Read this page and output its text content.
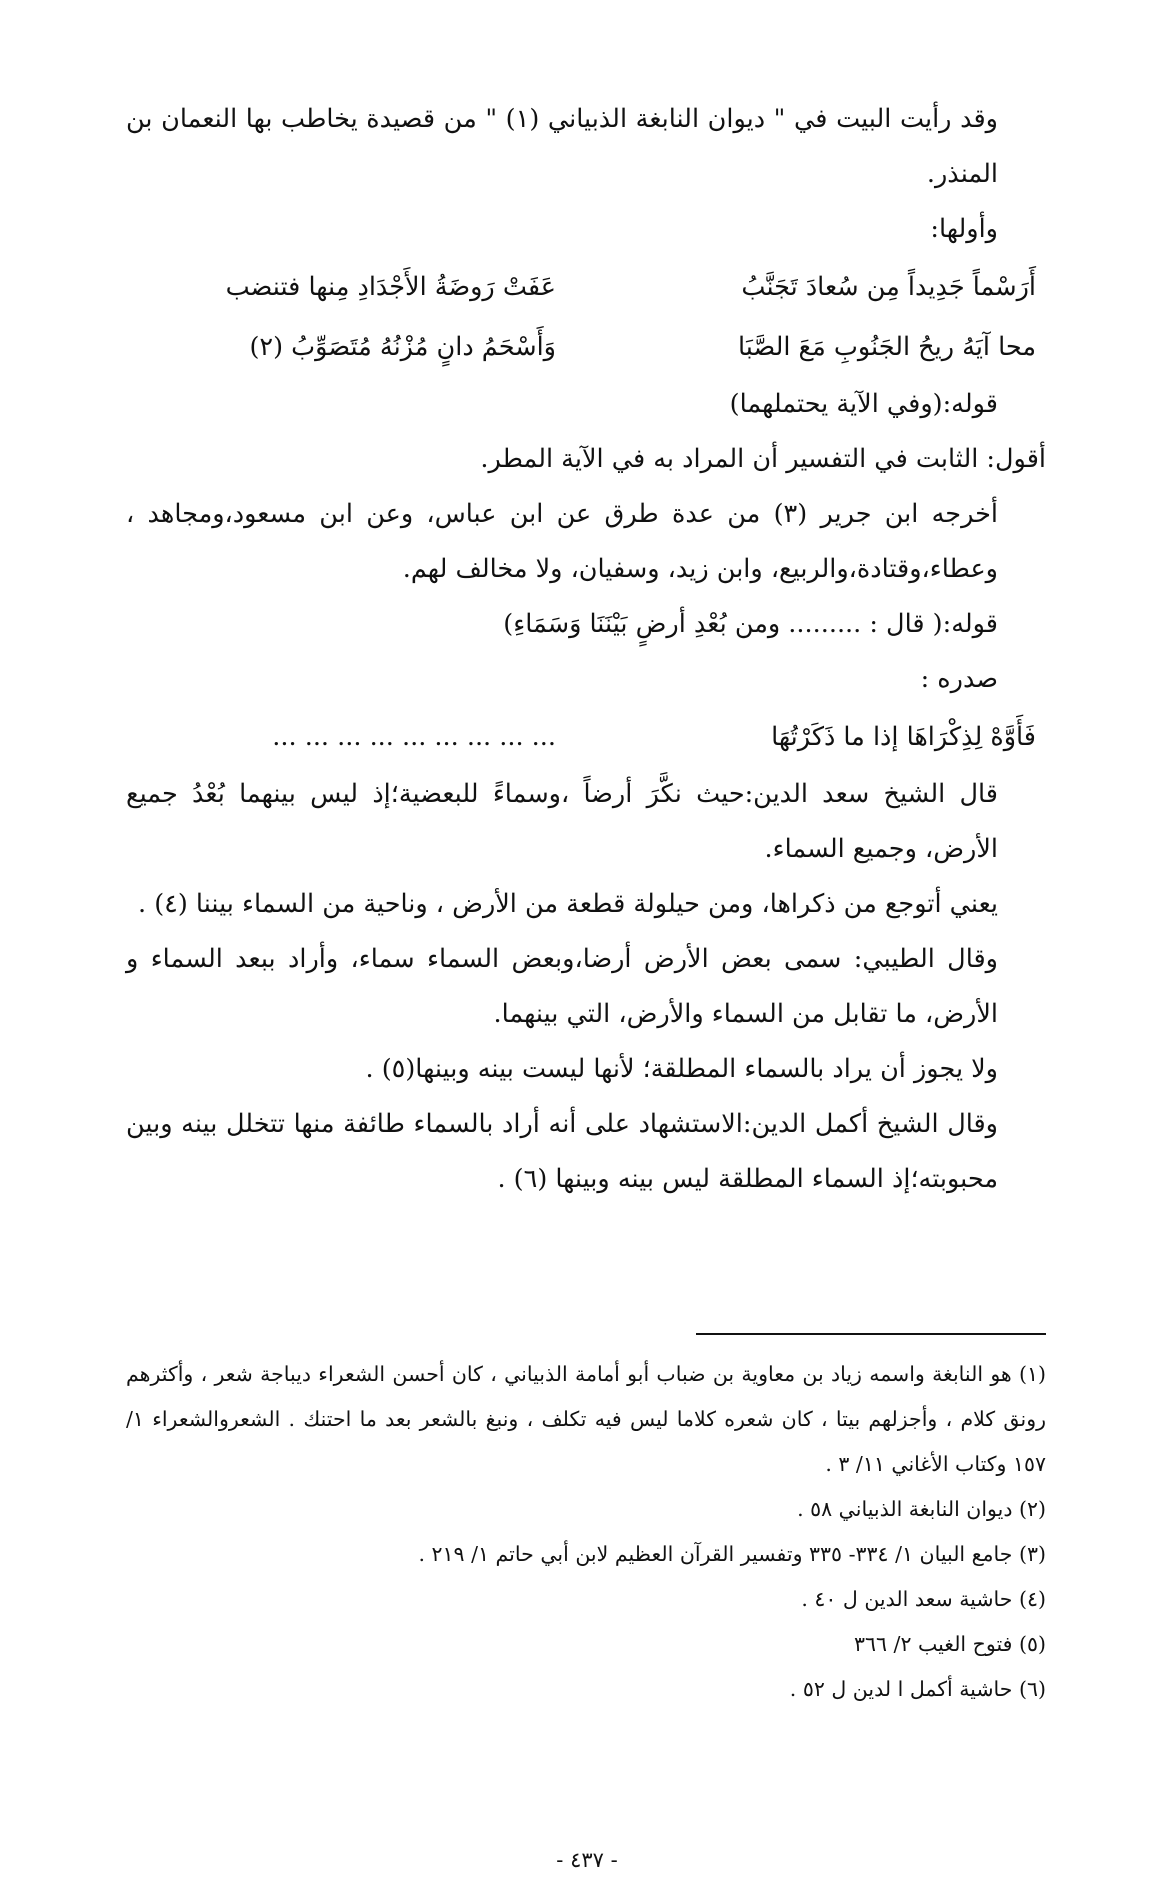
وقد رأيت البيت في " ديوان النابغة الذبياني (١) " من قصيدة يخاطب بها النعمان بن المنذر.

وأولها:
أَرَسْماً جَدِيداً مِن سُعادَ تَجَنَّبُ
عَفَتْ رَوضَةُ الأَجْدَادِ مِنها فتنضب
محا آيَهُ ريحُ الجَنُوبِ مَعَ الصَّبَا
وَأَسْحَمُ دانٍ مُزْنُهُ مُتَصَوِّبُ (٢)
قوله:(وفي الآية يحتملهما)
أقول: الثابت في التفسير أن المراد به في الآية المطر.

أخرجه ابن جرير (٣) من عدة طرق عن ابن عباس، وعن ابن مسعود،ومجاهد ، وعطاء،وقتادة،والربيع، وابن زيد، وسفيان، ولا مخالف لهم.

قوله:( قال : ......... ومن بُعْدِ أرضٍ بَيْنَنَا وَسَمَاءِ)
صدره :
فَأَوَّهْ لِذِكْرَاهَا إذا ما ذَكَرْتُهَا
... ... ... ... ... ... ... ... ...

قال الشيخ سعد الدين:حيث نكَّرَ أرضاً ،وسماءً للبعضية؛إذ ليس بينهما بُعْدُ جميع الأرض، وجميع السماء.

يعني أتوجع من ذكراها، ومن حيلولة قطعة من الأرض ، وناحية من السماء بيننا (٤) .

وقال الطيبي: سمى بعض الأرض أرضا،وبعض السماء سماء، وأراد ببعد السماء و الأرض، ما تقابل من السماء والأرض، التي بينهما.

ولا يجوز أن يراد بالسماء المطلقة؛ لأنها ليست بينه وبينها(٥) .

وقال الشيخ أكمل الدين:الاستشهاد على أنه أراد بالسماء طائفة منها تتخلل بينه وبين محبوبته؛إذ السماء المطلقة ليس بينه وبينها (٦) .

(١) هو النابغة واسمه زياد بن معاوية بن ضباب أبو أمامة الذبياني ، كان أحسن الشعراء ديباجة شعر ، وأكثرهم رونق كلام ، وأجزلهم بيتا ، كان شعره كلاما ليس فيه تكلف ، ونبغ بالشعر بعد ما احتنك . الشعروالشعراء ١/ ١٥٧ وكتاب الأغاني ١١/ ٣ .

(٢) ديوان النابغة الذبياني ٥٨ .

(٣) جامع البيان ١/ ٣٣٤- ٣٣٥ وتفسير القرآن العظيم لابن أبي حاتم ١/ ٢١٩ .

(٤) حاشية سعد الدين ل ٤٠ .

(٥) فتوح الغيب ٢/ ٣٦٦

(٦) حاشية أكمل ا لدين ل ٥٢ .

- ٤٣٧ -
